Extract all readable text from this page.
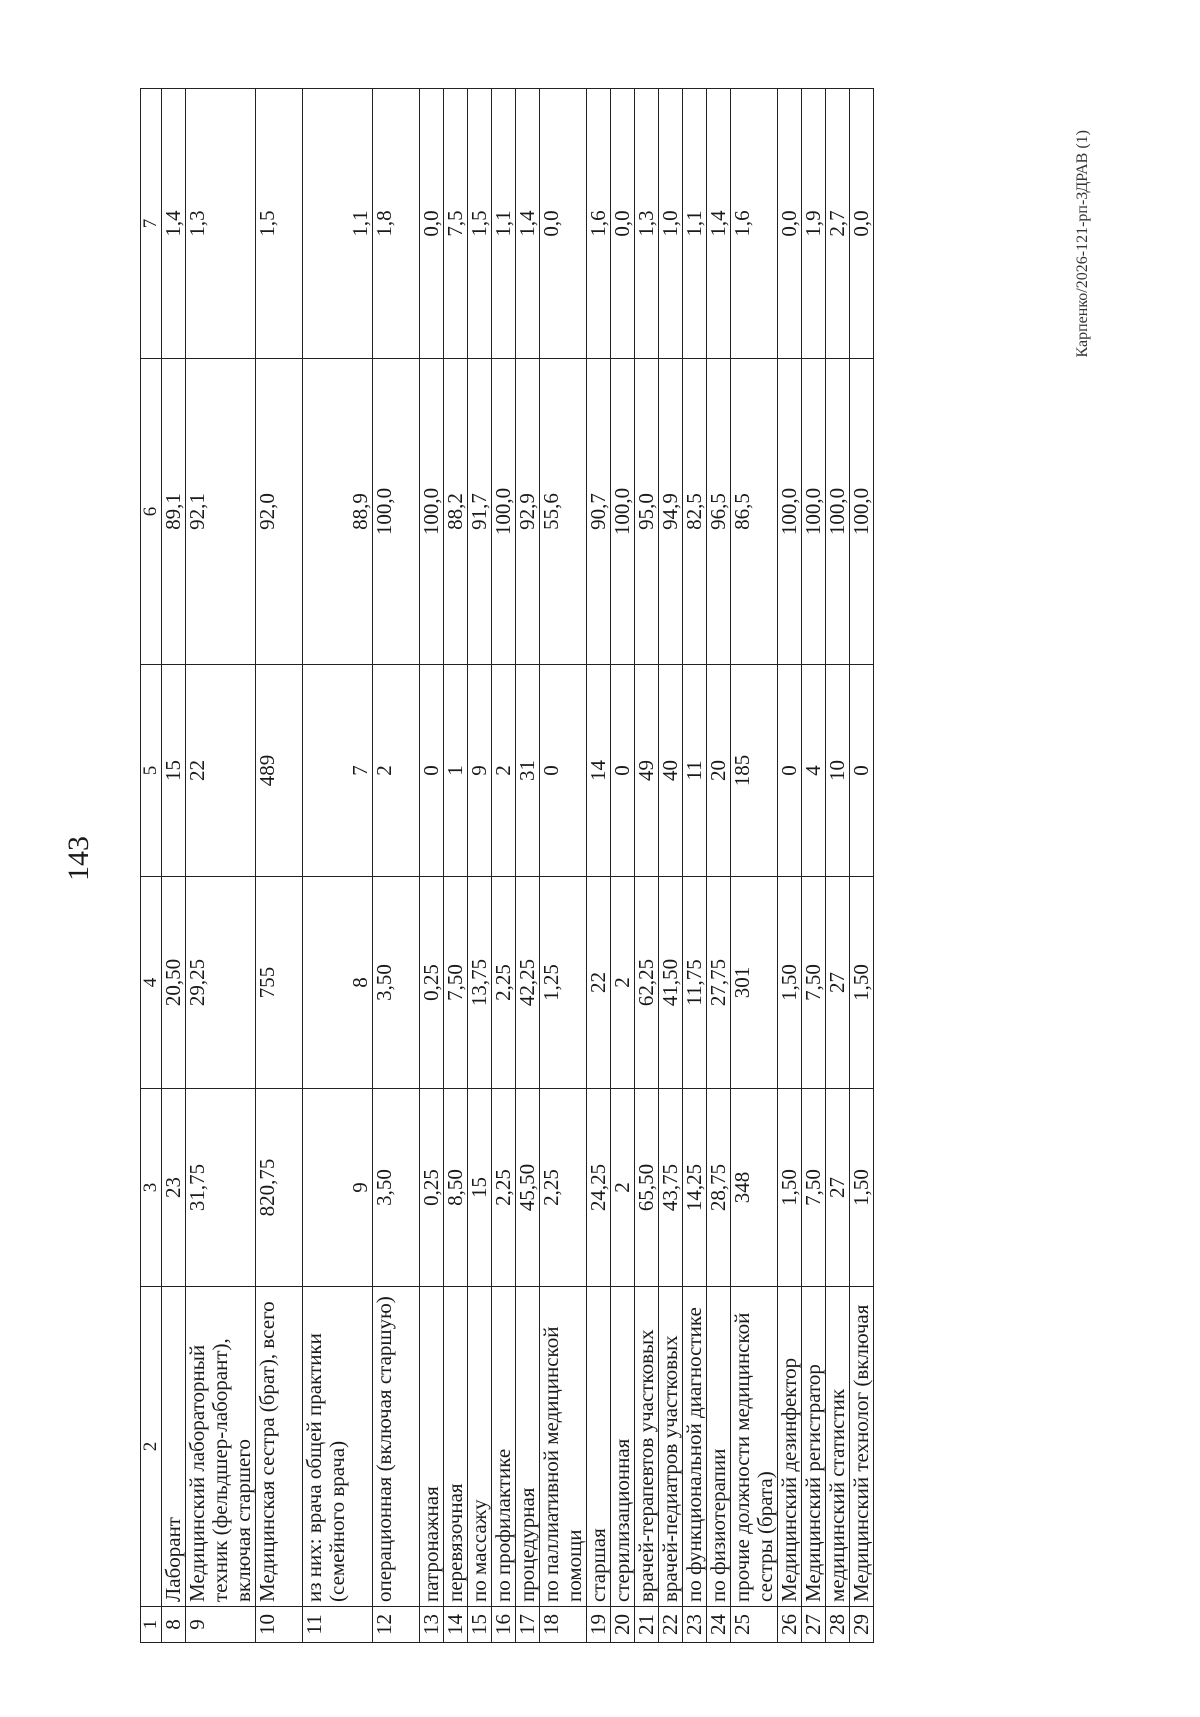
143
1	2	3	4	5	6	7
8	Лаборант	23	20,50	15	89,1	1,4
9	Медицинский лабораторный техник (фельдшер-лаборант), включая старшего	31,75	29,25	22	92,1	1,3
10	Медицинская сестра (брат), всего	820,75	755	489	92,0	1,5
11	из них: врача общей практики (семейного врача)	9	8	7	88,9	1,1
12	операционная (включая старшую)	3,50	3,50	2	100,0	1,8
13	патронажная	0,25	0,25	0	100,0	0,0
14	перевязочная	8,50	7,50	1	88,2	7,5
15	по массажу	15	13,75	9	91,7	1,5
16	по профилактике	2,25	2,25	2	100,0	1,1
17	процедурная	45,50	42,25	31	92,9	1,4
18	по паллиативной медицинской помощи	2,25	1,25	0	55,6	0,0
19	старшая	24,25	22	14	90,7	1,6
20	стерилизационная	2	2	0	100,0	0,0
21	врачей-терапевтов участковых	65,50	62,25	49	95,0	1,3
22	врачей-педиатров участковых	43,75	41,50	40	94,9	1,0
23	по функциональной диагностике	14,25	11,75	11	82,5	1,1
24	по физиотерапии	28,75	27,75	20	96,5	1,4
25	прочие должности медицинской сестры (брата)	348	301	185	86,5	1,6
26	Медицинский дезинфектор	1,50	1,50	0	100,0	0,0
27	Медицинский регистратор	7,50	7,50	4	100,0	1,9
28	медицинский статистик	27	27	10	100,0	2,7
29	Медицинский технолог (включая	1,50	1,50	0	100,0	0,0	Карпенко/2026-121-рп-ЗДРАВ (1)
